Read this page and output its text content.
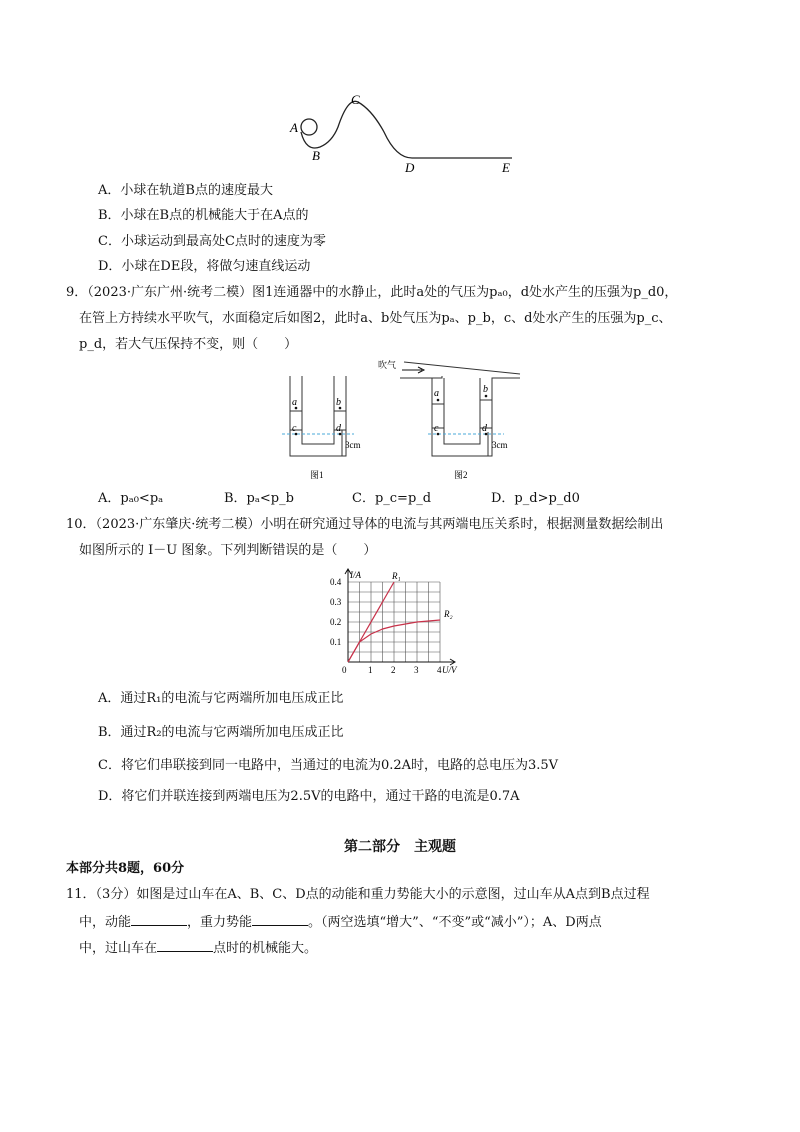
A
B
C
D	E
A．小球在轨道B点的速度最大
B．小球在B点的机械能大于在A点的
C．小球运动到最高处C点时的速度为零
D．小球在DE段，将做匀速直线运动
9．（2023·广东广州·统考二模）图1连通器中的水静止，此时a处的气压为pₐ₀，d处水产生的压强为p_d0，
在管上方持续水平吹气，水面稳定后如图2，此时a、b处气压为pₐ、p_b，c、d处水产生的压强为p_c、
p_d，若大气压保持不变，则（　　）
a	b
c	d
3cm
图1
吹气
a	b
c	d
3cm
图2
A．pₐ₀<pₐ	B．pₐ<p_b	C．p_c=p_d	D．p_d>p_d0
10．（2023·广东肇庆·统考二模）小明在研究通过导体的电流与其两端电压关系时，根据测量数据绘制出
如图所示的 I－U 图象。下列判断错误的是（　　）
0 1 2 3 4
0.1
0.2
0.3
0.4
U/V
I/A	R₁
R₂
A．通过R₁的电流与它两端所加电压成正比
B．通过R₂的电流与它两端所加电压成正比
C．将它们串联接到同一电路中，当通过的电流为0.2A时，电路的总电压为3.5V
D．将它们并联连接到两端电压为2.5V的电路中，通过干路的电流是0.7A
第二部分　主观题
本部分共8题，60分
11．（3分）如图是过山车在A、B、C、D点的动能和重力势能大小的示意图，过山车从A点到B点过程
中，动能	，重力势能	。（两空选填“增大”、“不变”或“减小”）；A、D两点
中，过山车在	点时的机械能大。
